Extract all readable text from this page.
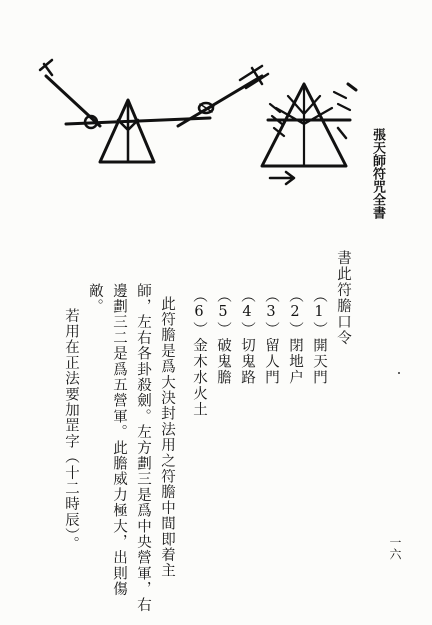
張天師符咒全書
書此符膽口令
（1）開天門
（2）閉地户
（3）留人門
（4）切鬼路
（5）破鬼膽
（6）金木水火土
此符膽是爲大決封法用之符膽中間即着主
師，左右各卦殺劍。左方劃三是爲中央營軍，右
邊劃三二是爲五營軍。此膽威力極大，出則傷
敵。
若用在正法要加罡字（十二時辰）。	一六
